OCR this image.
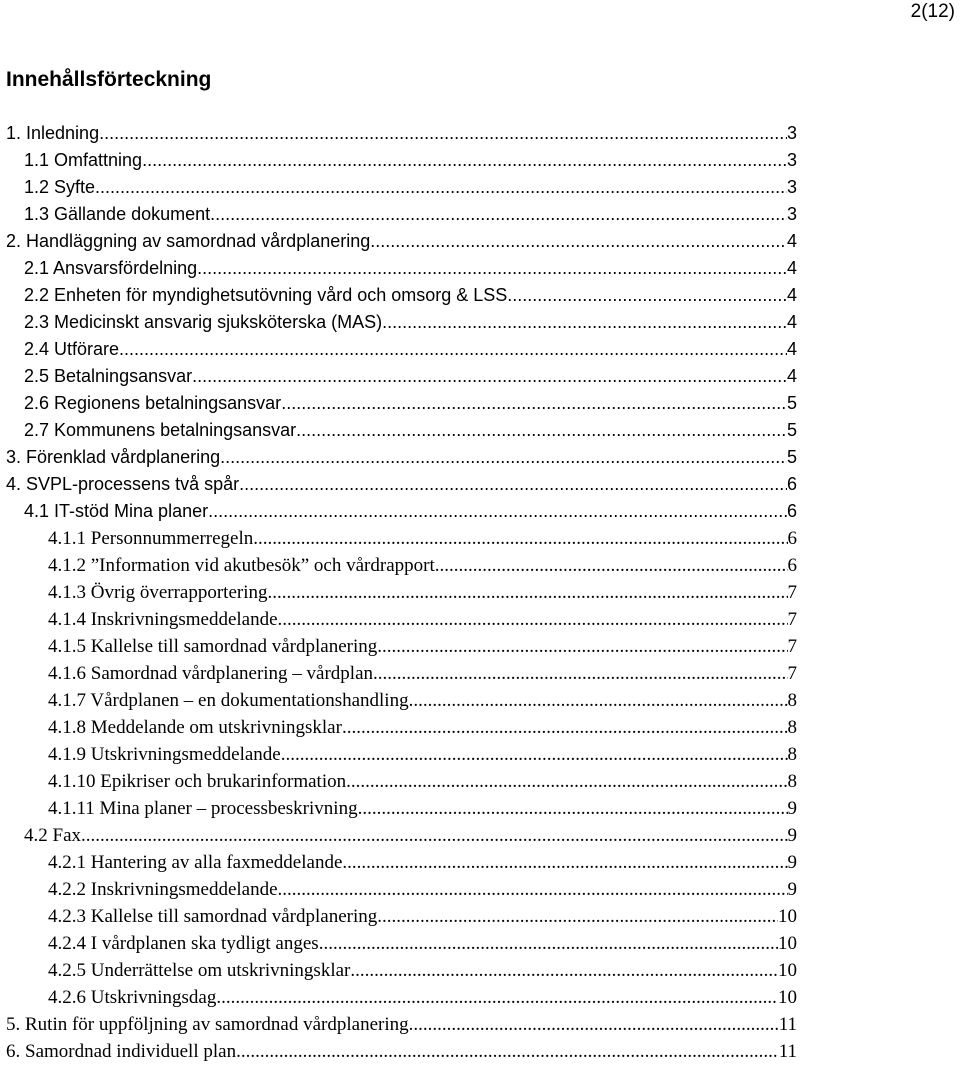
2(12)
Innehållsförteckning
1. Inledning .....	3
1.1 Omfattning .....	3
1.2 Syfte .....	3
1.3 Gällande dokument .....	3
2. Handläggning av samordnad vårdplanering .....	4
2.1 Ansvarsfördelning .....	4
2.2 Enheten för myndighetsutövning vård och omsorg & LSS .....	4
2.3 Medicinskt ansvarig sjuksköterska (MAS) .....	4
2.4 Utförare .....	4
2.5 Betalningsansvar .....	4
2.6 Regionens betalningsansvar .....	5
2.7 Kommunens betalningsansvar .....	5
3. Förenklad vårdplanering .....	5
4. SVPL-processens två spår .....	6
4.1 IT-stöd Mina planer .....	6
4.1.1 Personnummerregeln .....	6
4.1.2 ”Information vid akutbesök” och vårdrapport .....	6
4.1.3 Övrig överrapportering .....	7
4.1.4 Inskrivningsmeddelande .....	7
4.1.5 Kallelse till samordnad vårdplanering .....	7
4.1.6 Samordnad vårdplanering – vårdplan .....	7
4.1.7 Vårdplanen – en dokumentationshandling .....	8
4.1.8 Meddelande om utskrivningsklar .....	8
4.1.9 Utskrivningsmeddelande .....	8
4.1.10 Epikriser och brukarinformation .....	8
4.1.11 Mina planer – processbeskrivning .....	9
4.2 Fax .....	9
4.2.1 Hantering av alla faxmeddelande .....	9
4.2.2 Inskrivningsmeddelande .....	9
4.2.3 Kallelse till samordnad vårdplanering .....	10
4.2.4 I vårdplanen ska tydligt anges .....	10
4.2.5 Underrättelse om utskrivningsklar .....	10
4.2.6 Utskrivningsdag .....	10
5. Rutin för uppföljning av samordnad vårdplanering .....	11
6. Samordnad individuell plan .....	11
